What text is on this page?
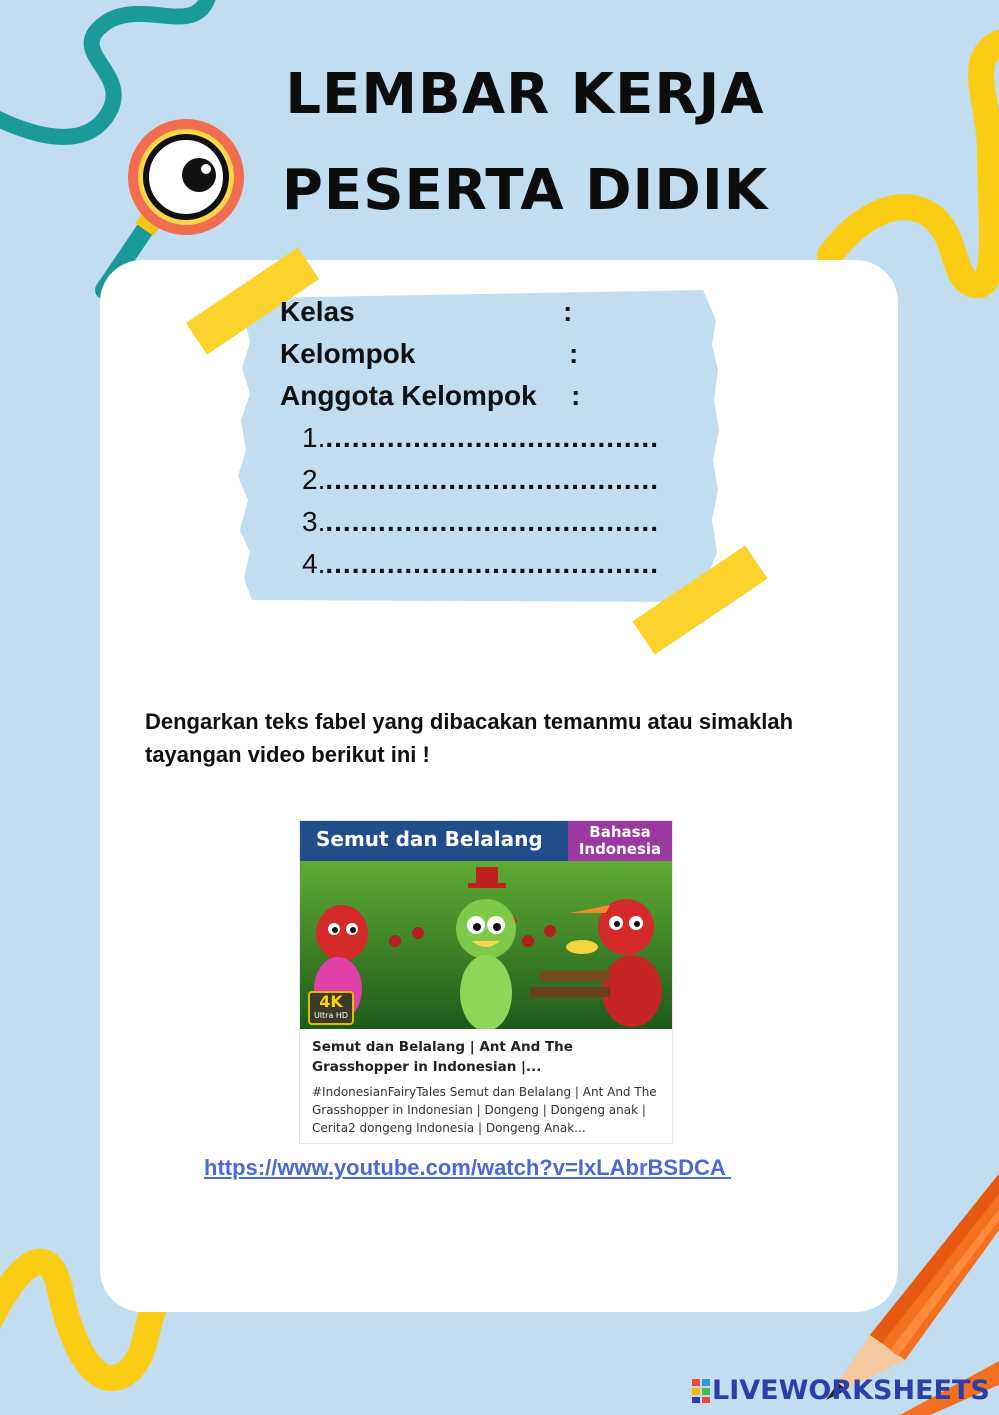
LEMBAR KERJA
PESERTA DIDIK
Kelas	:
Kelompok	:
Anggota Kelompok :
1.......................................
2.......................................
3.......................................
4.......................................
Dengarkan teks fabel yang dibacakan temanmu atau simaklah
tayangan video berikut ini !
Semut dan Belalang	Bahasa
Indonesia
4K
Ultra HD
Semut dan Belalang | Ant And The
Grasshopper in Indonesian |...
#IndonesianFairyTales Semut dan Belalang | Ant And The Grasshopper in Indonesian | Dongeng | Dongeng anak | Cerita2 dongeng Indonesia | Dongeng Anak...
https://www.youtube.com/watch?v=IxLAbrBSDCA
LIVEWORKSHEETS
